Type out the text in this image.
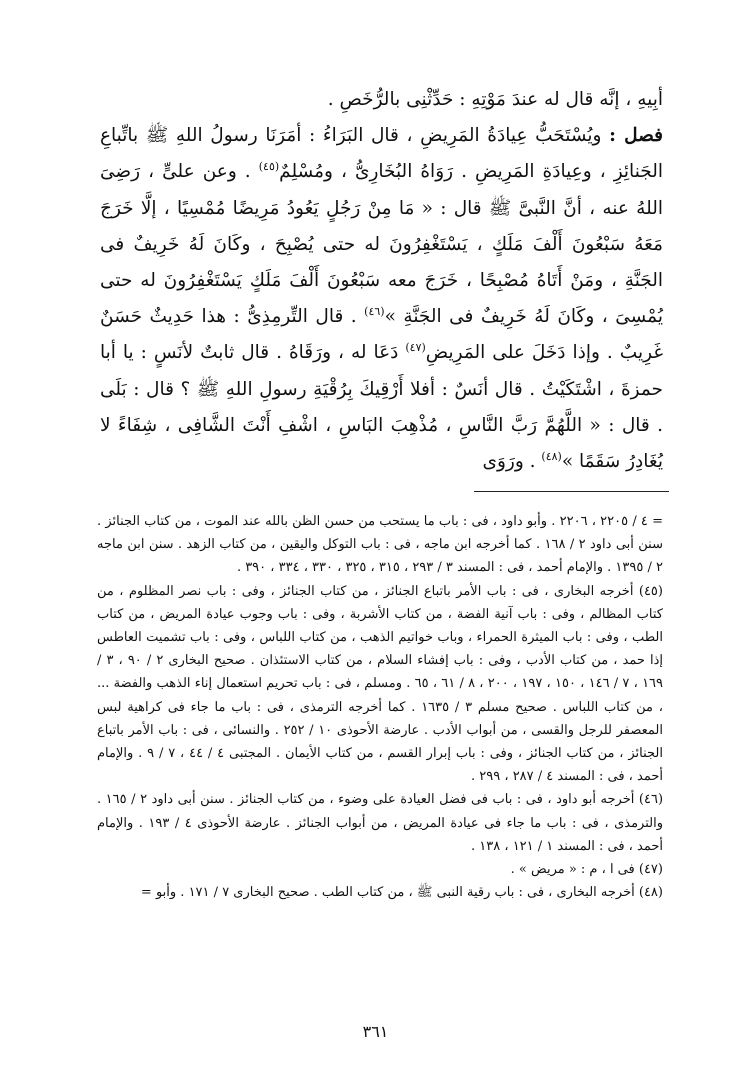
أبِيهِ ، إنَّه قال له عندَ مَوْتِهِ : حَدِّثْنِى بالرُّخَصِ .

فصل : ويُسْتَحَبُّ عِيادَةُ المَرِيضِ ، قال البَرَاءُ : أمَرَنَا رسولُ اللهِ ﷺ باتِّباعِ الجَنائِزِ ، وعِيادَةِ المَرِيضِ . رَوَاهُ البُخَارِىُّ ، ومُسْلِمٌ$^{(٤٥)}$ . وعن علىٍّ ، رَضِىَ اللهُ عنه ، أنَّ النَّبىَّ ﷺ قال : « مَا مِنْ رَجُلٍ يَعُودُ مَرِيضًا مُمْسِيًا ، إلَّا خَرَجَ مَعَهُ سَبْعُونَ أَلْفَ مَلَكٍ ، يَسْتَغْفِرُونَ له حتى يُصْبِحَ ، وكَانَ لَهُ خَرِيفٌ فى الجَنَّةِ ، ومَنْ أَتَاهُ مُصْبِحًا ، خَرَجَ معه سَبْعُونَ أَلْفَ مَلَكٍ يَسْتَغْفِرُونَ له حتى يُمْسِىَ ، وكَانَ لَهُ خَرِيفٌ فى الجَنَّةِ »$^{(٤٦)}$ . قال التِّرمِذِىُّ : هذا حَدِيثٌ حَسَنٌ غَرِيبٌ . وإذا دَخَلَ على المَرِيضِ$^{(٤٧)}$ دَعَا له ، ورَقَاهُ . قال ثابتٌ لأنَسٍ : يا أبا حمزةَ ، اشْتَكَيْتُ . قال أنَسٌ : أفلا أَرْقِيكَ بِرُقْيَةِ رسولِ اللهِ ﷺ ؟ قال : بَلَى . قال : « اللَّهُمَّ رَبَّ النَّاسِ ، مُذْهِبَ البَاسِ ، اشْفِ أَنْتَ الشَّافِى ، شِفَاءً لا يُغَادِرُ سَقَمًا »$^{(٤٨)}$ . ورَوَى

= ٤ / ٢٢٠٥ ، ٢٢٠٦ . وأبو داود ، فى : باب ما يستحب من حسن الظن بالله عند الموت ، من كتاب الجنائز . سنن أبى داود ٢ / ١٦٨ . كما أخرجه ابن ماجه ، فى : باب التوكل واليقين ، من كتاب الزهد . سنن ابن ماجه ٢ / ١٣٩٥ . والإمام أحمد ، فى : المسند ٣ / ٢٩٣ ، ٣١٥ ، ٣٢٥ ، ٣٣٠ ، ٣٣٤ ، ٣٩٠ .

(٤٥) أخرجه البخارى ، فى : باب الأمر باتباع الجنائز ، من كتاب الجنائز ، وفى : باب نصر المظلوم ، من كتاب المظالم ، وفى : باب آنية الفضة ، من كتاب الأشربة ، وفى : باب وجوب عيادة المريض ، من كتاب الطب ، وفى : باب الميثرة الحمراء ، وباب خواتيم الذهب ، من كتاب اللباس ، وفى : باب تشميت العاطس إذا حمد ، من كتاب الأدب ، وفى : باب إفشاء السلام ، من كتاب الاستئذان . صحيح البخارى ٢ / ٩٠ ، ٣ / ١٦٩ ، ٧ / ١٤٦ ، ١٥٠ ، ١٩٧ ، ٢٠٠ ، ٨ / ٦١ ، ٦٥ . ومسلم ، فى : باب تحريم استعمال إناء الذهب والفضة ... ، من كتاب اللباس . صحيح مسلم ٣ / ١٦٣٥ . كما أخرجه الترمذى ، فى : باب ما جاء فى كراهية لبس المعصفر للرجل والقسى ، من أبواب الأدب . عارضة الأحوذى ١٠ / ٢٥٢ . والنسائى ، فى : باب الأمر باتباع الجنائز ، من كتاب الجنائز ، وفى : باب إبرار القسم ، من كتاب الأيمان . المجتبى ٤ / ٤٤ ، ٧ / ٩ . والإمام أحمد ، فى : المسند ٤ / ٢٨٧ ، ٢٩٩ .

(٤٦) أخرجه أبو داود ، فى : باب فى فضل العيادة على وضوء ، من كتاب الجنائز . سنن أبى داود ٢ / ١٦٥ . والترمذى ، فى : باب ما جاء فى عيادة المريض ، من أبواب الجنائز . عارضة الأحوذى ٤ / ١٩٣ . والإمام أحمد ، فى : المسند ١ / ١٢١ ، ١٣٨ .

(٤٧) فى ا ، م : « مريض » .

(٤٨) أخرجه البخارى ، فى : باب رقية النبى ﷺ ، من كتاب الطب . صحيح البخارى ٧ / ١٧١ . وأبو =

٣٦١
